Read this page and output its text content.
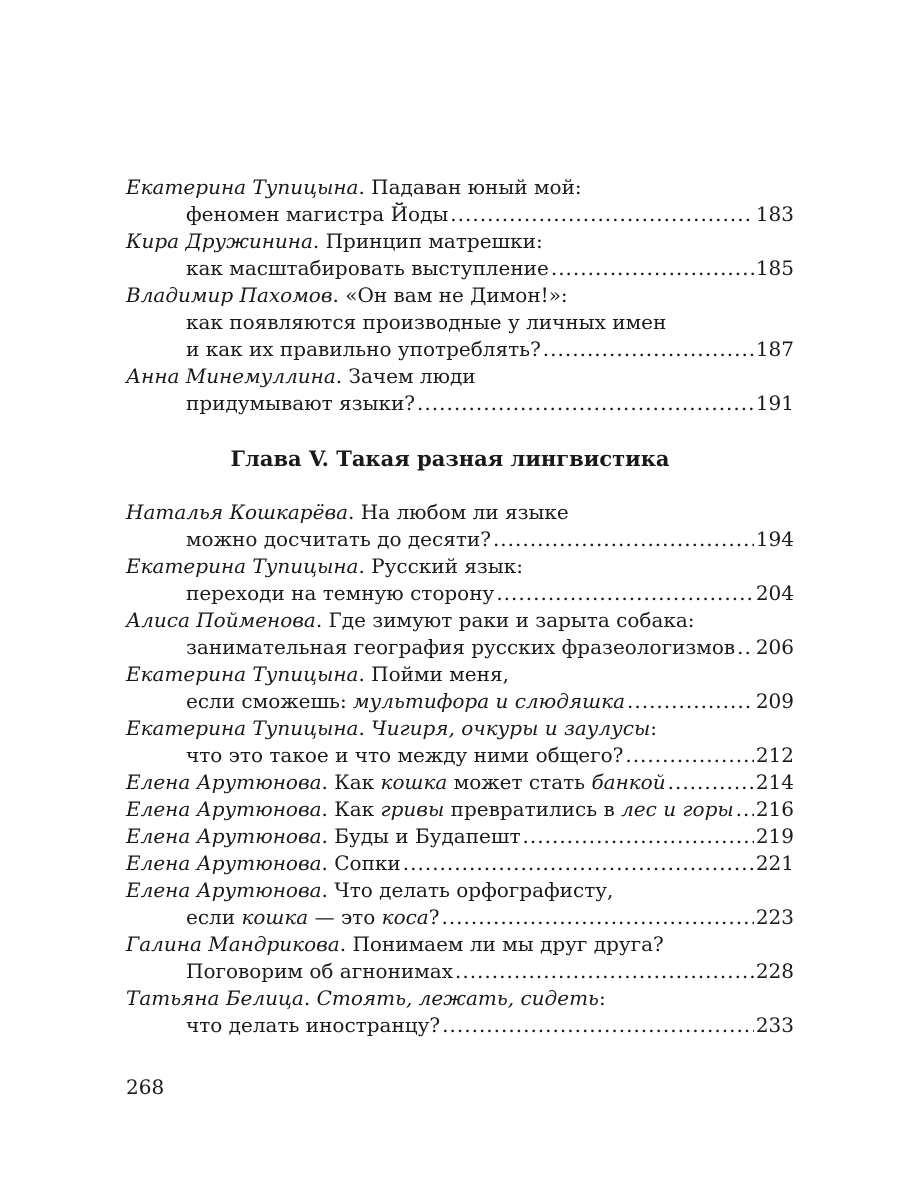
Екатерина Тупицына. Падаван юный мой:
феномен магистра Йоды .....	183
Кира Дружинина. Принцип матрешки:
как масштабировать выступление .....	185
Владимир Пахомов. «Он вам не Димон!»:
как появляются производные у личных имен
и как их правильно употреблять? .....	187
Анна Минемуллина. Зачем люди
придумывают языки? .....	191
Глава V. Такая разная лингвистика
Наталья Кошкарёва. На любом ли языке
можно досчитать до десяти? .....	194
Екатерина Тупицына. Русский язык:
переходи на темную сторону .....	204
Алиса Пойменова. Где зимуют раки и зарыта собака:
занимательная география русских фразеологизмов ..... 206
Екатерина Тупицына. Пойми меня,
если сможешь: мультифора и слюдяшка .....	209
Екатерина Тупицына. Чигиря, очкуры и заулусы:
что это такое и что между ними общего? .....	212
Елена Арутюнова. Как кошка может стать банкой .....	214
Елена Арутюнова. Как гривы превратились в лес и горы ..... 216
Елена Арутюнова. Буды и Будапешт .....	219
Елена Арутюнова. Сопки .....	221
Елена Арутюнова. Что делать орфографисту,
если кошка — это коса? .....	223
Галина Мандрикова. Понимаем ли мы друг друга?
Поговорим об агнонимах .....	228
Татьяна Белица. Стоять, лежать, сидеть:
что делать иностранцу? .....	233
268
